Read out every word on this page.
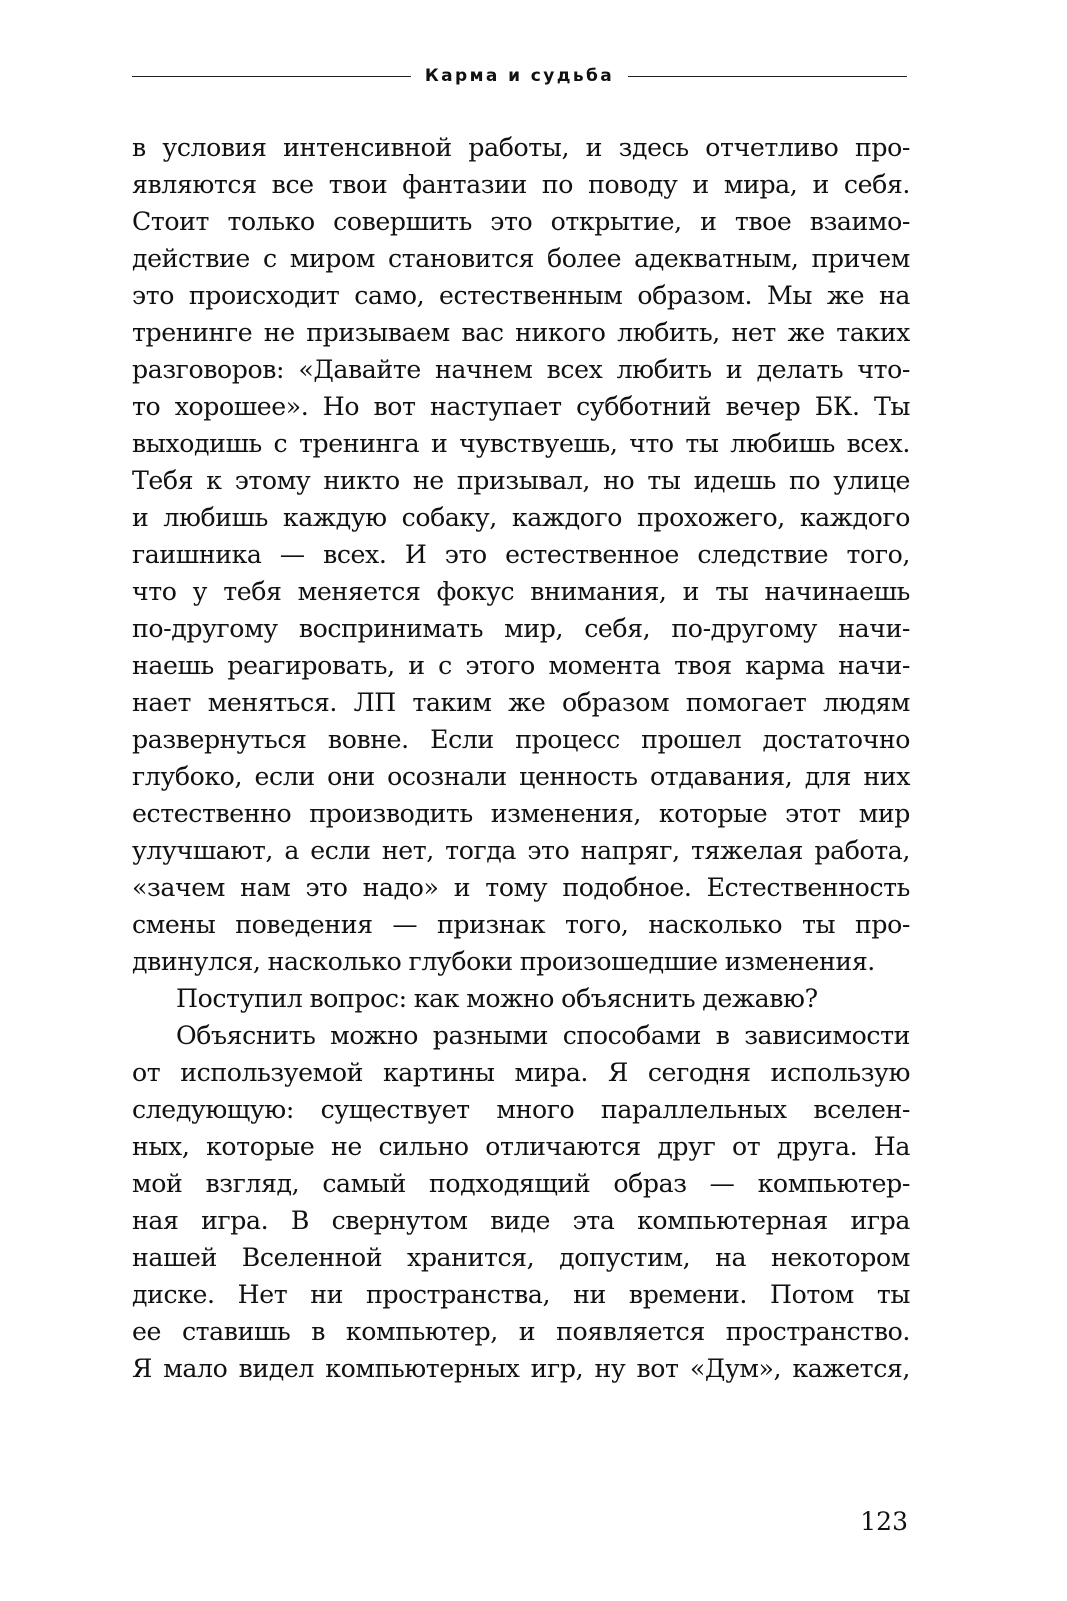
Карма и судьба
в условия интенсивной работы, и здесь отчетливо про-
являются все твои фантазии по поводу и мира, и себя.
Стоит только совершить это открытие, и твое взаимо-
действие с миром становится более адекватным, причем
это происходит само, естественным образом. Мы же на
тренинге не призываем вас никого любить, нет же таких
разговоров: «Давайте начнем всех любить и делать что-
то хорошее». Но вот наступает субботний вечер БК. Ты
выходишь с тренинга и чувствуешь, что ты любишь всех.
Тебя к этому никто не призывал, но ты идешь по улице
и любишь каждую собаку, каждого прохожего, каждого
гаишника — всех. И это естественное следствие того,
что у тебя меняется фокус внимания, и ты начинаешь
по-другому воспринимать мир, себя, по-другому начи-
наешь реагировать, и с этого момента твоя карма начи-
нает меняться. ЛП таким же образом помогает людям
развернуться вовне. Если процесс прошел достаточно
глубоко, если они осознали ценность отдавания, для них
естественно производить изменения, которые этот мир
улучшают, а если нет, тогда это напряг, тяжелая работа,
«зачем нам это надо» и тому подобное. Естественность
смены поведения — признак того, насколько ты про-
двинулся, насколько глубоки произошедшие изменения.
Поступил вопрос: как можно объяснить дежавю?
Объяснить можно разными способами в зависимости
от используемой картины мира. Я сегодня использую
следующую: существует много параллельных вселен-
ных, которые не сильно отличаются друг от друга. На
мой взгляд, самый подходящий образ — компьютер-
ная игра. В свернутом виде эта компьютерная игра
нашей Вселенной хранится, допустим, на некотором
диске. Нет ни пространства, ни времени. Потом ты
ее ставишь в компьютер, и появляется пространство.
Я мало видел компьютерных игр, ну вот «Дум», кажется,
123
